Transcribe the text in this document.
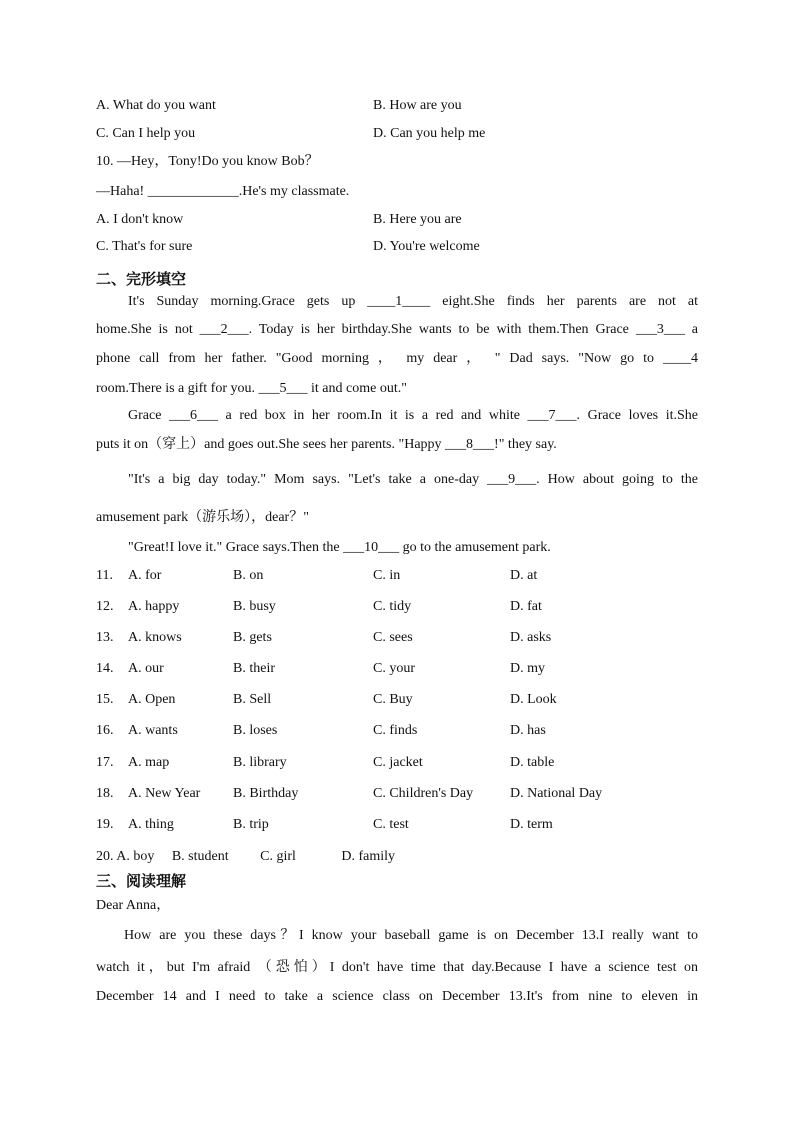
A. What do you want	B. How are you
C. Can I help you	D. Can you help me
10. —Hey，Tony!Do you know Bob？
—Haha! _____________.He's my classmate.
A. I don't know	B. Here you are
C. That's for sure	D. You're welcome
二、完形填空
It's Sunday morning.Grace gets up ____1____ eight.She finds her parents are not at
home.She is not ___2___. Today is her birthday.She wants to be with them.Then Grace ___3___ a
phone call from her father. "Good morning ， my dear ， " Dad says. "Now go to ____4
room.There is a gift for you. ___5___ it and come out."
Grace ___6___ a red box in her room.In it is a red and white ___7___. Grace loves it.She
puts it on（穿上）and goes out.She sees her parents. "Happy ___8___!" they say.
"It's a big day today." Mom says. "Let's take a one-day ___9___. How about going to the
amusement park（游乐场），dear？"
"Great!I love it." Grace says.Then the ___10___ go to the amusement park.
11. A. for	B. on	C. in	D. at
12. A. happy	B. busy	C. tidy	D. fat
13. A. knows	B. gets	C. sees	D. asks
14. A. our	B. their	C. your	D. my
15. A. Open	B. Sell	C. Buy	D. Look
16. A. wants	B. loses	C. finds	D. has
17. A. map	B. library	C. jacket	D. table
18. A. New Year B. Birthday	C. Children's Day	D. National Day
19. A. thing	B. trip	C. test	D. term
20. A. boy     B. student         C. girl             D. family
三、阅读理解
Dear Anna，
How are you these days？I know your baseball game is on December 13.I really want to
watch it，but I'm afraid （恐怕）I don't have time that day.Because I have a science test on
December 14 and I need to take a science class on December 13.It's from nine to eleven in
